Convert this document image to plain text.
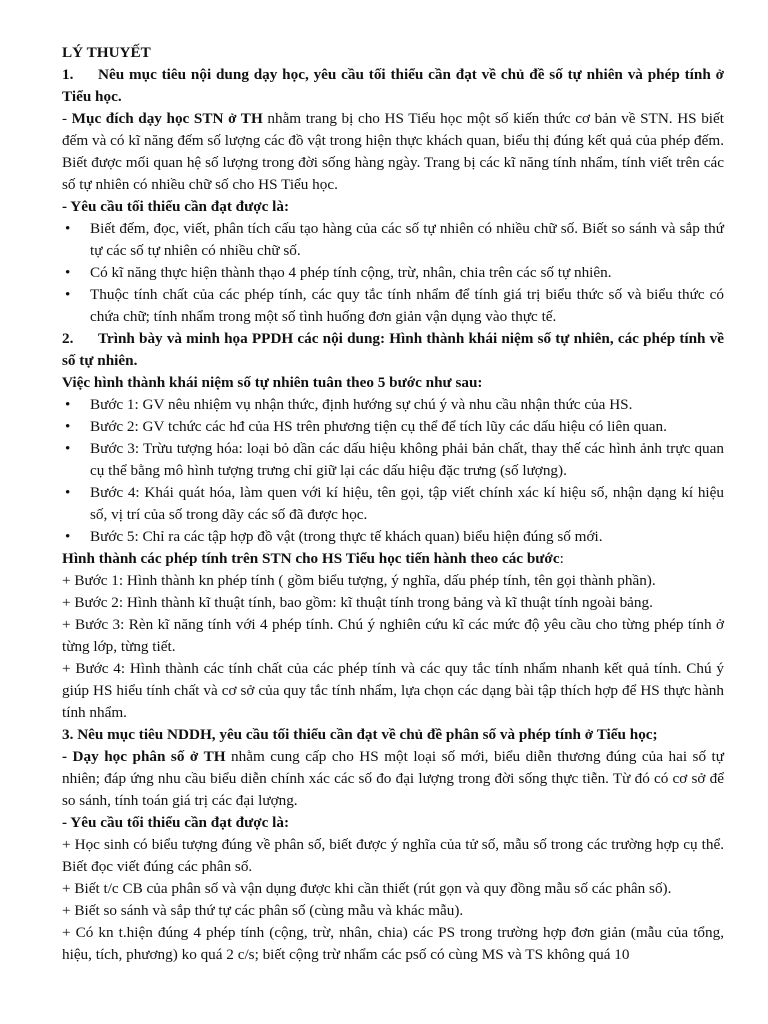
LÝ THUYẾT

1. Nêu mục tiêu nội dung dạy học, yêu cầu tối thiểu cần đạt về chủ đề số tự nhiên và phép tính ở Tiểu học.

- Mục đích dạy học STN ở TH nhằm trang bị cho HS Tiểu học một số kiến thức cơ bản về STN. HS biết đếm và có kĩ năng đếm số lượng các đồ vật trong hiện thực khách quan, biểu thị đúng kết quả của phép đếm. Biết được mối quan hệ số lượng trong đời sống hàng ngày. Trang bị các kĩ năng tính nhẩm, tính viết trên các số tự nhiên có nhiều chữ số cho HS Tiểu học.

- Yêu cầu tối thiểu cần đạt được là:

• Biết đếm, đọc, viết, phân tích cấu tạo hàng của các số tự nhiên có nhiều chữ số. Biết so sánh và sắp thứ tự các số tự nhiên có nhiều chữ số.
• Có kĩ năng thực hiện thành thạo 4 phép tính cộng, trừ, nhân, chia trên các số tự nhiên.
• Thuộc tính chất của các phép tính, các quy tắc tính nhẩm để tính giá trị biểu thức số và biểu thức có chứa chữ; tính nhẩm trong một số tình huống đơn giản vận dụng vào thực tế.

2. Trình bày và minh họa PPDH các nội dung: Hình thành khái niệm số tự nhiên, các phép tính về số tự nhiên.

Việc hình thành khái niệm số tự nhiên tuân theo 5 bước như sau:

• Bước 1: GV nêu nhiệm vụ nhận thức, định hướng sự chú ý và nhu cầu nhận thức của HS.
• Bước 2: GV tchức các hđ của HS trên phương tiện cụ thể để tích lũy các dấu hiệu có liên quan.
• Bước 3: Trừu tượng hóa: loại bỏ dần các dấu hiệu không phải bản chất, thay thế các hình ảnh trực quan cụ thể bằng mô hình tượng trưng chỉ giữ lại các dấu hiệu đặc trưng (số lượng).
• Bước 4: Khái quát hóa, làm quen với kí hiệu, tên gọi, tập viết chính xác kí hiệu số, nhận dạng kí hiệu số, vị trí của số trong dãy các số đã được học.
• Bước 5: Chỉ ra các tập hợp đồ vật (trong thực tế khách quan) biểu hiện đúng số mới.

Hình thành các phép tính trên STN cho HS Tiểu học tiến hành theo các bước:

+ Bước 1: Hình thành kn phép tính ( gồm biểu tượng, ý nghĩa, dấu phép tính, tên gọi thành phần).

+ Bước 2: Hình thành kĩ thuật tính, bao gồm: kĩ thuật tính trong bảng và kĩ thuật tính ngoài bảng.

+ Bước 3: Rèn kĩ năng tính với 4 phép tính. Chú ý nghiên cứu kĩ các mức độ yêu cầu cho từng phép tính ở từng lớp, từng tiết.

+ Bước 4: Hình thành các tính chất của các phép tính và các quy tắc tính nhẩm nhanh kết quả tính. Chú ý giúp HS hiểu tính chất và cơ sở của quy tắc tính nhẩm, lựa chọn các dạng bài tập thích hợp để HS thực hành tính nhẩm.

3. Nêu mục tiêu NDDH, yêu cầu tối thiểu cần đạt về chủ đề phân số và phép tính ở Tiểu học;

- Dạy học phân số ở TH nhằm cung cấp cho HS một loại số mới, biểu diễn thương đúng của hai số tự nhiên; đáp ứng nhu cầu biểu diễn chính xác các số đo đại lượng trong đời sống thực tiễn. Từ đó có cơ sở để so sánh, tính toán giá trị các đại lượng.

- Yêu cầu tối thiểu cần đạt được là:

+ Học sinh có biểu tượng đúng về phân số, biết được ý nghĩa của tử số, mẫu số trong các trường hợp cụ thể. Biết đọc viết đúng các phân số.

+ Biết t/c CB của phân số và vận dụng được khi cần thiết (rút gọn và quy đồng mẫu số các phân số).

+ Biết so sánh và sắp thứ tự các phân số (cùng mẫu và khác mẫu).

+ Có kn t.hiện đúng 4 phép tính (cộng, trừ, nhân, chia) các PS trong trường hợp đơn giản (mẫu của tổng, hiệu, tích, phương) ko quá 2 c/s; biết cộng trừ nhẩm các psố có cùng MS và TS không quá 10
